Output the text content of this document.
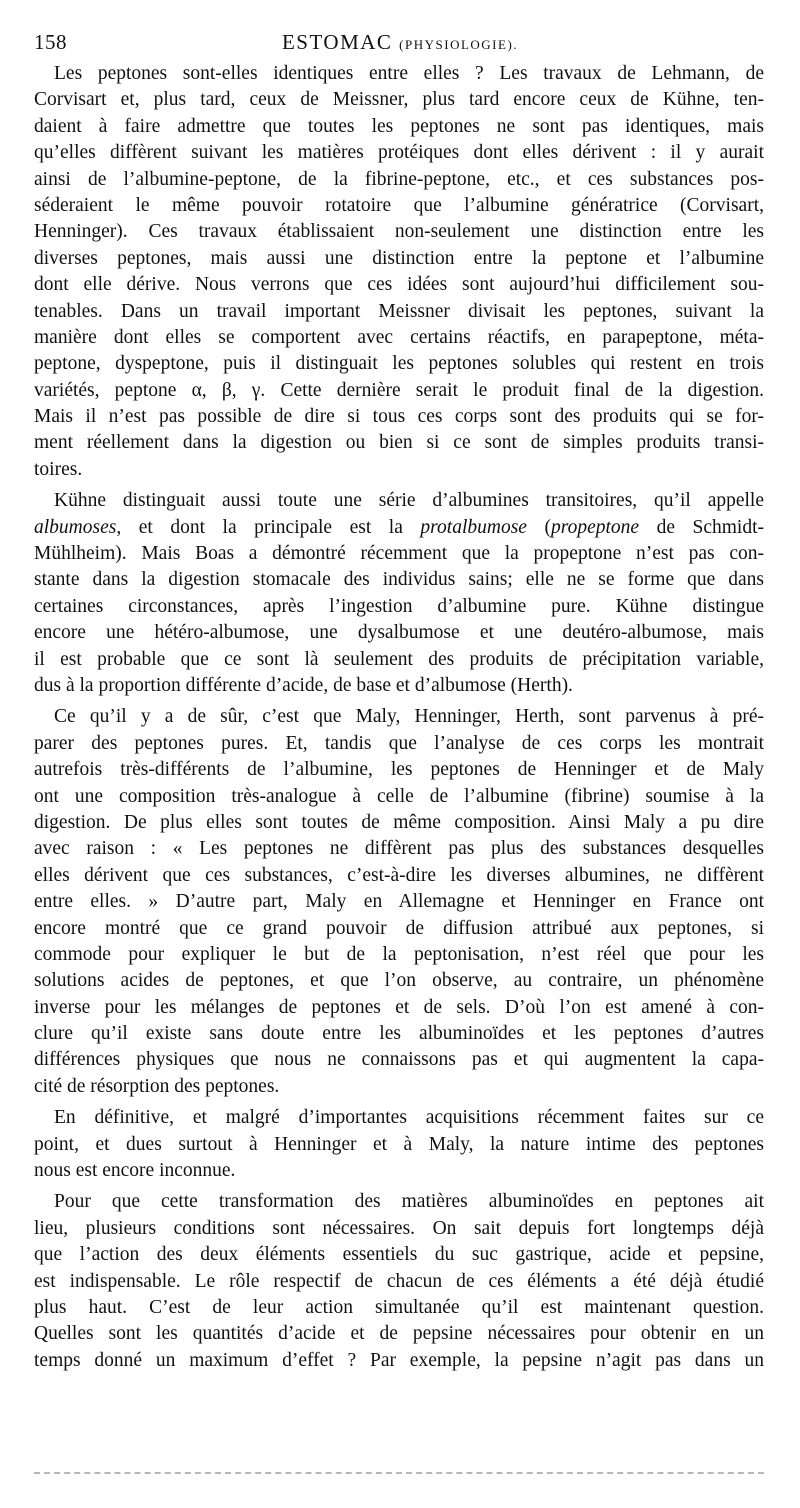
158	ESTOMAC (PHYSIOLOGIE).
Les peptones sont-elles identiques entre elles ? Les travaux de Lehmann, de
Corvisart et, plus tard, ceux de Meissner, plus tard encore ceux de Kühne, ten-
daient à faire admettre que toutes les peptones ne sont pas identiques, mais
qu’elles diffèrent suivant les matières protéiques dont elles dérivent : il y aurait
ainsi de l’albumine-peptone, de la fibrine-peptone, etc., et ces substances pos-
séderaient le même pouvoir rotatoire que l’albumine génératrice (Corvisart,
Henninger). Ces travaux établissaient non-seulement une distinction entre les
diverses peptones, mais aussi une distinction entre la peptone et l’albumine
dont elle dérive. Nous verrons que ces idées sont aujourd’hui difficilement sou-
tenables. Dans un travail important Meissner divisait les peptones, suivant la
manière dont elles se comportent avec certains réactifs, en parapeptone, méta-
peptone, dyspeptone, puis il distinguait les peptones solubles qui restent en trois
variétés, peptone α, β, γ. Cette dernière serait le produit final de la digestion.
Mais il n’est pas possible de dire si tous ces corps sont des produits qui se for-
ment réellement dans la digestion ou bien si ce sont de simples produits transi-
toires.
Kühne distinguait aussi toute une série d’albumines transitoires, qu’il appelle
albumoses, et dont la principale est la protalbumose (propeptone de Schmidt-
Mühlheim). Mais Boas a démontré récemment que la propeptone n’est pas con-
stante dans la digestion stomacale des individus sains; elle ne se forme que dans
certaines circonstances, après l’ingestion d’albumine pure. Kühne distingue
encore une hétéro-albumose, une dysalbumose et une deutéro-albumose, mais
il est probable que ce sont là seulement des produits de précipitation variable,
dus à la proportion différente d’acide, de base et d’albumose (Herth).
Ce qu’il y a de sûr, c’est que Maly, Henninger, Herth, sont parvenus à pré-
parer des peptones pures. Et, tandis que l’analyse de ces corps les montrait
autrefois très-différents de l’albumine, les peptones de Henninger et de Maly
ont une composition très-analogue à celle de l’albumine (fibrine) soumise à la
digestion. De plus elles sont toutes de même composition. Ainsi Maly a pu dire
avec raison : « Les peptones ne diffèrent pas plus des substances desquelles
elles dérivent que ces substances, c’est-à-dire les diverses albumines, ne diffèrent
entre elles. » D’autre part, Maly en Allemagne et Henninger en France ont
encore montré que ce grand pouvoir de diffusion attribué aux peptones, si
commode pour expliquer le but de la peptonisation, n’est réel que pour les
solutions acides de peptones, et que l’on observe, au contraire, un phénomène
inverse pour les mélanges de peptones et de sels. D’où l’on est amené à con-
clure qu’il existe sans doute entre les albuminoïdes et les peptones d’autres
différences physiques que nous ne connaissons pas et qui augmentent la capa-
cité de résorption des peptones.
En définitive, et malgré d’importantes acquisitions récemment faites sur ce
point, et dues surtout à Henninger et à Maly, la nature intime des peptones
nous est encore inconnue.
Pour que cette transformation des matières albuminoïdes en peptones ait
lieu, plusieurs conditions sont nécessaires. On sait depuis fort longtemps déjà
que l’action des deux éléments essentiels du suc gastrique, acide et pepsine,
est indispensable. Le rôle respectif de chacun de ces éléments a été déjà étudié
plus haut. C’est de leur action simultanée qu’il est maintenant question.
Quelles sont les quantités d’acide et de pepsine nécessaires pour obtenir en un
temps donné un maximum d’effet ? Par exemple, la pepsine n’agit pas dans un
